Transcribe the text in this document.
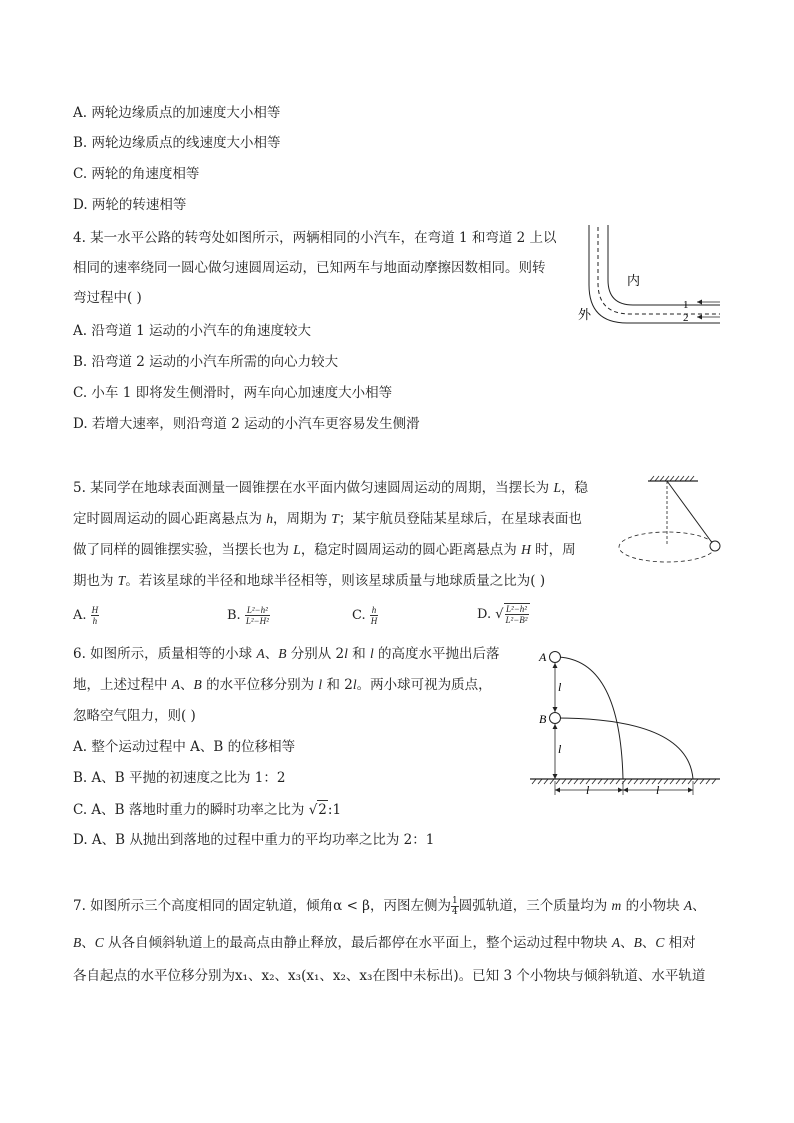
A. 两轮边缘质点的加速度大小相等
B. 两轮边缘质点的线速度大小相等
C. 两轮的角速度相等
D. 两轮的转速相等
4. 某一水平公路的转弯处如图所示，两辆相同的小汽车，在弯道 1 和弯道 2 上以
相同的速率绕同一圆心做匀速圆周运动，已知两车与地面动摩擦因数相同。则转
弯过程中( )
A. 沿弯道 1 运动的小汽车的角速度较大
B. 沿弯道 2 运动的小汽车所需的向心力较大
C. 小车 1 即将发生侧滑时，两车向心加速度大小相等
D. 若增大速率，则沿弯道 2 运动的小汽车更容易发生侧滑
内
外
1
2
5. 某同学在地球表面测量一圆锥摆在水平面内做匀速圆周运动的周期，当摆长为 L，稳
定时圆周运动的圆心距离悬点为 h，周期为 T；某宇航员登陆某星球后，在星球表面也
做了同样的圆锥摆实验，当摆长也为 L，稳定时圆周运动的圆心距离悬点为 H 时，周
期也为 T。若该星球的半径和地球半径相等，则该星球质量与地球质量之比为( )
A. $\frac{H}{h}$	B. $\frac{\text{L²−h²}}{\text{L²−H²}}$	C. $\frac{h}{H}$	D. √ $\frac{\text{L²−h²}}{\text{L²−B²}}$
6. 如图所示，质量相等的小球 A、B 分别从 2l 和 l 的高度水平抛出后落
地，上述过程中 A、B 的水平位移分别为 l 和 2l。两小球可视为质点，
忽略空气阻力，则( )
A. 整个运动过程中 A、B 的位移相等
B. A、B 平抛的初速度之比为 1：2
C. A、B 落地时重力的瞬时功率之比为 √2:1
D. A、B 从抛出到落地的过程中重力的平均功率之比为 2：1
A
B
l
l
l	l
7. 如图所示三个高度相同的固定轨道，倾角α < β，丙图左侧为 $\frac{1}{4}$ 圆弧轨道，三个质量均为 m 的小物块 A、
B、C 从各自倾斜轨道上的最高点由静止释放，最后都停在水平面上，整个运动过程中物块 A、B、C 相对
各自起点的水平位移分别为x₁、x₂、x₃(x₁、x₂、x₃在图中未标出)。已知 3 个小物块与倾斜轨道、水平轨道
